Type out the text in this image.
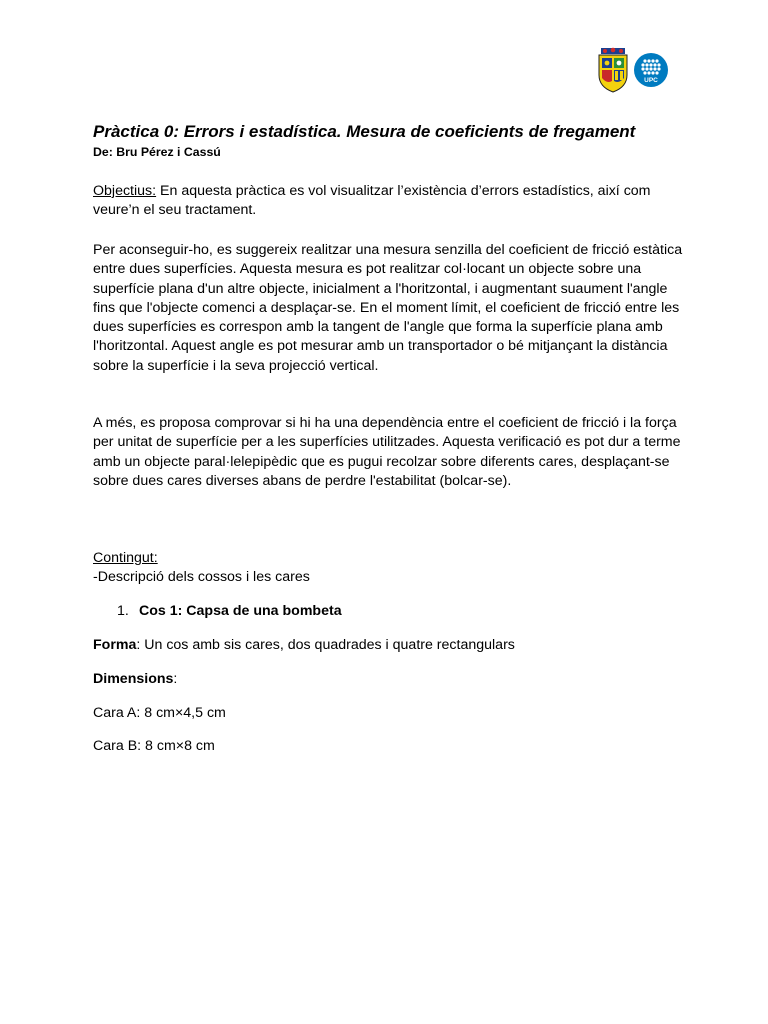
UPC
Pràctica 0: Errors i estadística. Mesura de coeficients de fregament
De: Bru Pérez i Cassú

Objectius: En aquesta pràctica es vol visualitzar l’existència d’errors estadístics, així com veure’n el seu tractament.

Per aconseguir-ho, es suggereix realitzar una mesura senzilla del coeficient de fricció estàtica entre dues superfícies. Aquesta mesura es pot realitzar col·locant un objecte sobre una superfície plana d'un altre objecte, inicialment a l'horitzontal, i augmentant suaument l'angle fins que l'objecte comenci a desplaçar-se. En el moment límit, el coeficient de fricció entre les dues superfícies es correspon amb la tangent de l'angle que forma la superfície plana amb l'horitzontal. Aquest angle es pot mesurar amb un transportador o bé mitjançant la distància sobre la superfície i la seva projecció vertical.

A més, es proposa comprovar si hi ha una dependència entre el coeficient de fricció i la força per unitat de superfície per a les superfícies utilitzades. Aquesta verificació es pot dur a terme amb un objecte paral·lelepipèdic que es pugui recolzar sobre diferents cares, desplaçant-se sobre dues cares diverses abans de perdre l'estabilitat (bolcar-se).

Contingut:
-Descripció dels cossos i les cares
1. Cos 1: Capsa de una bombeta
Forma: Un cos amb sis cares, dos quadrades i quatre rectangulars
Dimensions:
Cara A: 8 cm×4,5 cm
Cara B: 8 cm×8 cm
